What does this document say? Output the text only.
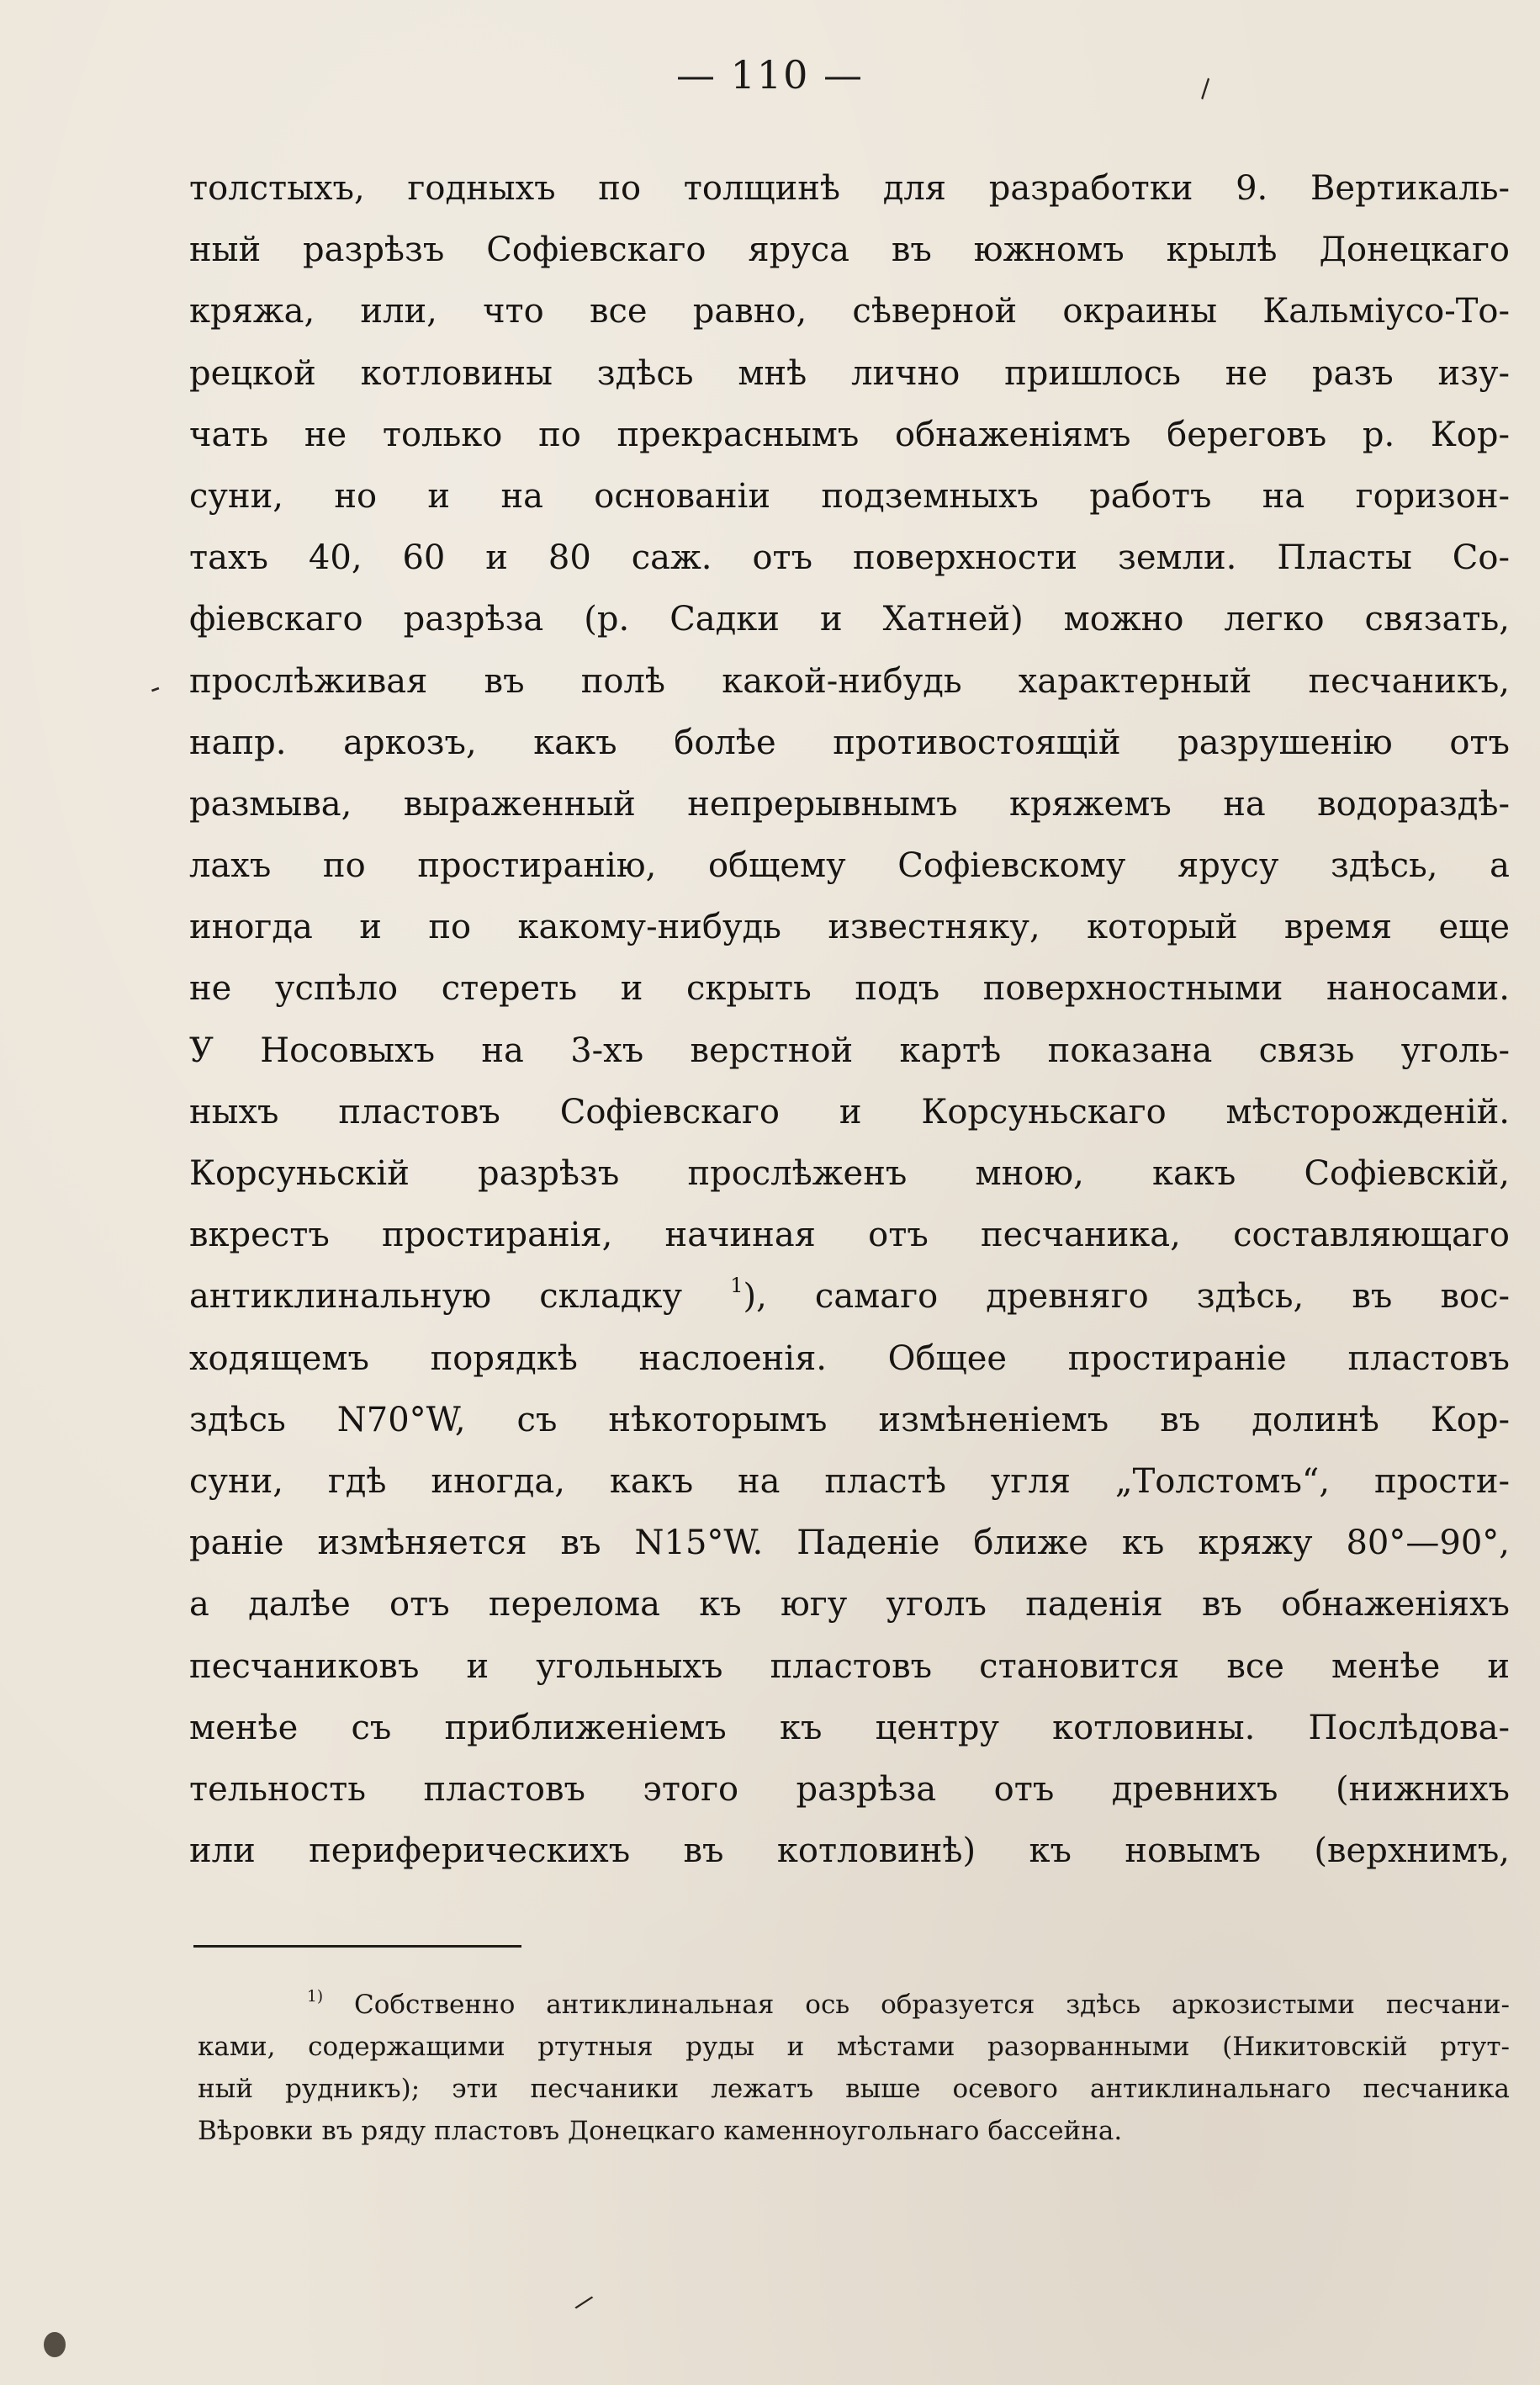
— 110 —
толстыхъ, годныхъ по толщинѣ для разработки 9. Вертикаль-
ный разрѣзъ Софіевскаго яруса въ южномъ крылѣ Донецкаго
кряжа, или, что все равно, сѣверной окраины Кальміусо-То-
рецкой котловины здѣсь мнѣ лично пришлось не разъ изу-
чать не только по прекраснымъ обнаженіямъ береговъ р. Кор-
суни, но и на основаніи подземныхъ работъ на горизон-
тахъ 40, 60 и 80 саж. отъ поверхности земли. Пласты Со-
фіевскаго разрѣза (р. Садки и Хатней) можно легко связать,
прослѣживая въ полѣ какой-нибудь характерный песчаникъ,
напр. аркозъ, какъ болѣе противостоящій разрушенію отъ
размыва, выраженный непрерывнымъ кряжемъ на водораздѣ-
лахъ по простиранію, общему Софіевскому ярусу здѣсь, а
иногда и по какому-нибудь известняку, который время еще
не успѣло стереть и скрыть подъ поверхностными наносами.
У Носовыхъ на 3-хъ верстной картѣ показана связь уголь-
ныхъ пластовъ Софіевскаго и Корсуньскаго мѣсторожденій.
Корсуньскій разрѣзъ прослѣженъ мною, какъ Софіевскій,
вкрестъ простиранія, начиная отъ песчаника, составляющаго
антиклинальную складку $^1$), самаго древняго здѣсь, въ вос-
ходящемъ порядкѣ наслоенія. Общее простираніе пластовъ
здѣсь N70°W, съ нѣкоторымъ измѣненіемъ въ долинѣ Кор-
суни, гдѣ иногда, какъ на пластѣ угля „Толстомъ“, прости-
раніе измѣняется въ N15°W. Паденіе ближе къ кряжу 80°—90°,
а далѣе отъ перелома къ югу уголъ паденія въ обнаженіяхъ
песчаниковъ и угольныхъ пластовъ становится все менѣе и
менѣе съ приближеніемъ къ центру котловины. Послѣдова-
тельность пластовъ этого разрѣза отъ древнихъ (нижнихъ
или периферическихъ въ котловинѣ) къ новымъ (верхнимъ,
$^{1)}$ Собственно антиклинальная ось образуется здѣсь аркозистыми песчани-
ками, содержащими ртутныя руды и мѣстами разорванными (Никитовскій ртут-
ный рудникъ); эти песчаники лежатъ выше осевого антиклинальнаго песчаника
Вѣровки въ ряду пластовъ Донецкаго каменноугольнаго бассейна.
-
\
/
